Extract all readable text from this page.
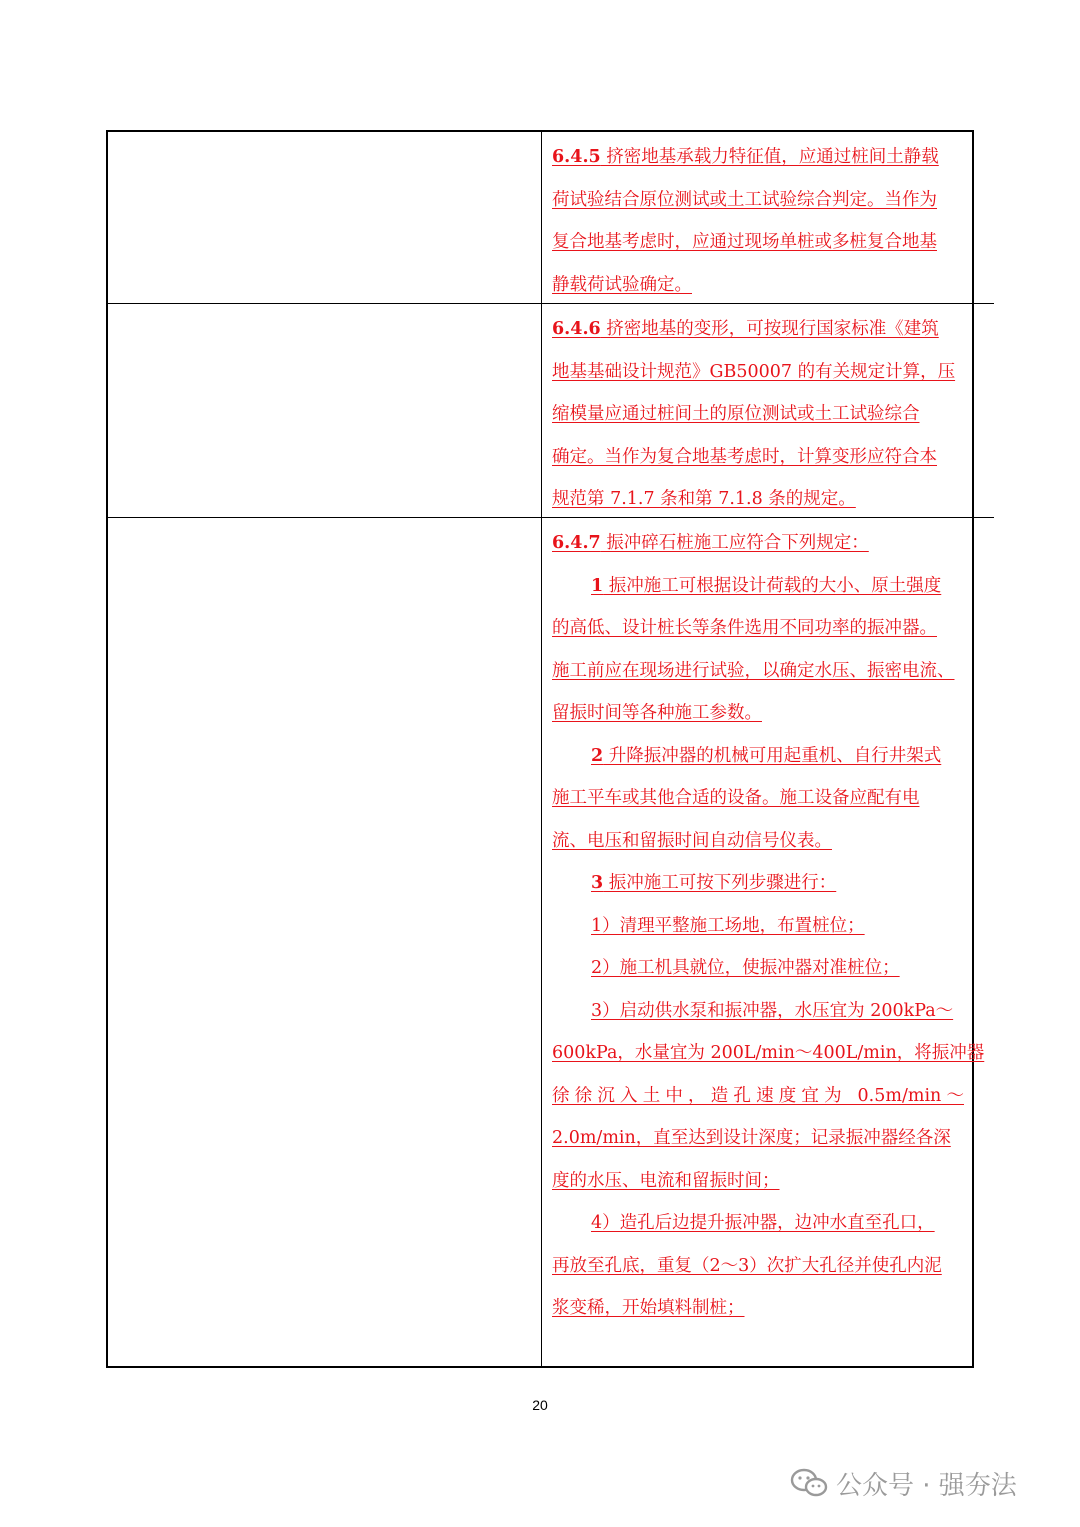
6.4.5 挤密地基承载力特征值，应通过桩间土静载
荷试验结合原位测试或土工试验综合判定。当作为
复合地基考虑时，应通过现场单桩或多桩复合地基
静载荷试验确定。
6.4.6 挤密地基的变形，可按现行国家标准《建筑
地基基础设计规范》GB50007 的有关规定计算，压
缩模量应通过桩间土的原位测试或土工试验综合
确定。当作为复合地基考虑时，计算变形应符合本
规范第 7.1.7 条和第 7.1.8 条的规定。
6.4.7 振冲碎石桩施工应符合下列规定：
1 振冲施工可根据设计荷载的大小、原土强度
的高低、设计桩长等条件选用不同功率的振冲器。
施工前应在现场进行试验，以确定水压、振密电流、
留振时间等各种施工参数。
2 升降振冲器的机械可用起重机、自行井架式
施工平车或其他合适的设备。施工设备应配有电
流、电压和留振时间自动信号仪表。
3 振冲施工可按下列步骤进行：
1）清理平整施工场地，布置桩位；
2）施工机具就位，使振冲器对准桩位；
3）启动供水泵和振冲器，水压宜为 200kPa～
600kPa，水量宜为 200L/min～400L/min，将振冲器
徐徐沉入土中，造孔速度宜为 0.5m/min～
2.0m/min，直至达到设计深度；记录振冲器经各深
度的水压、电流和留振时间；
4）造孔后边提升振冲器，边冲水直至孔口，
再放至孔底，重复（2～3）次扩大孔径并使孔内泥
浆变稀，开始填料制桩；
20
公众号 · 强夯法
